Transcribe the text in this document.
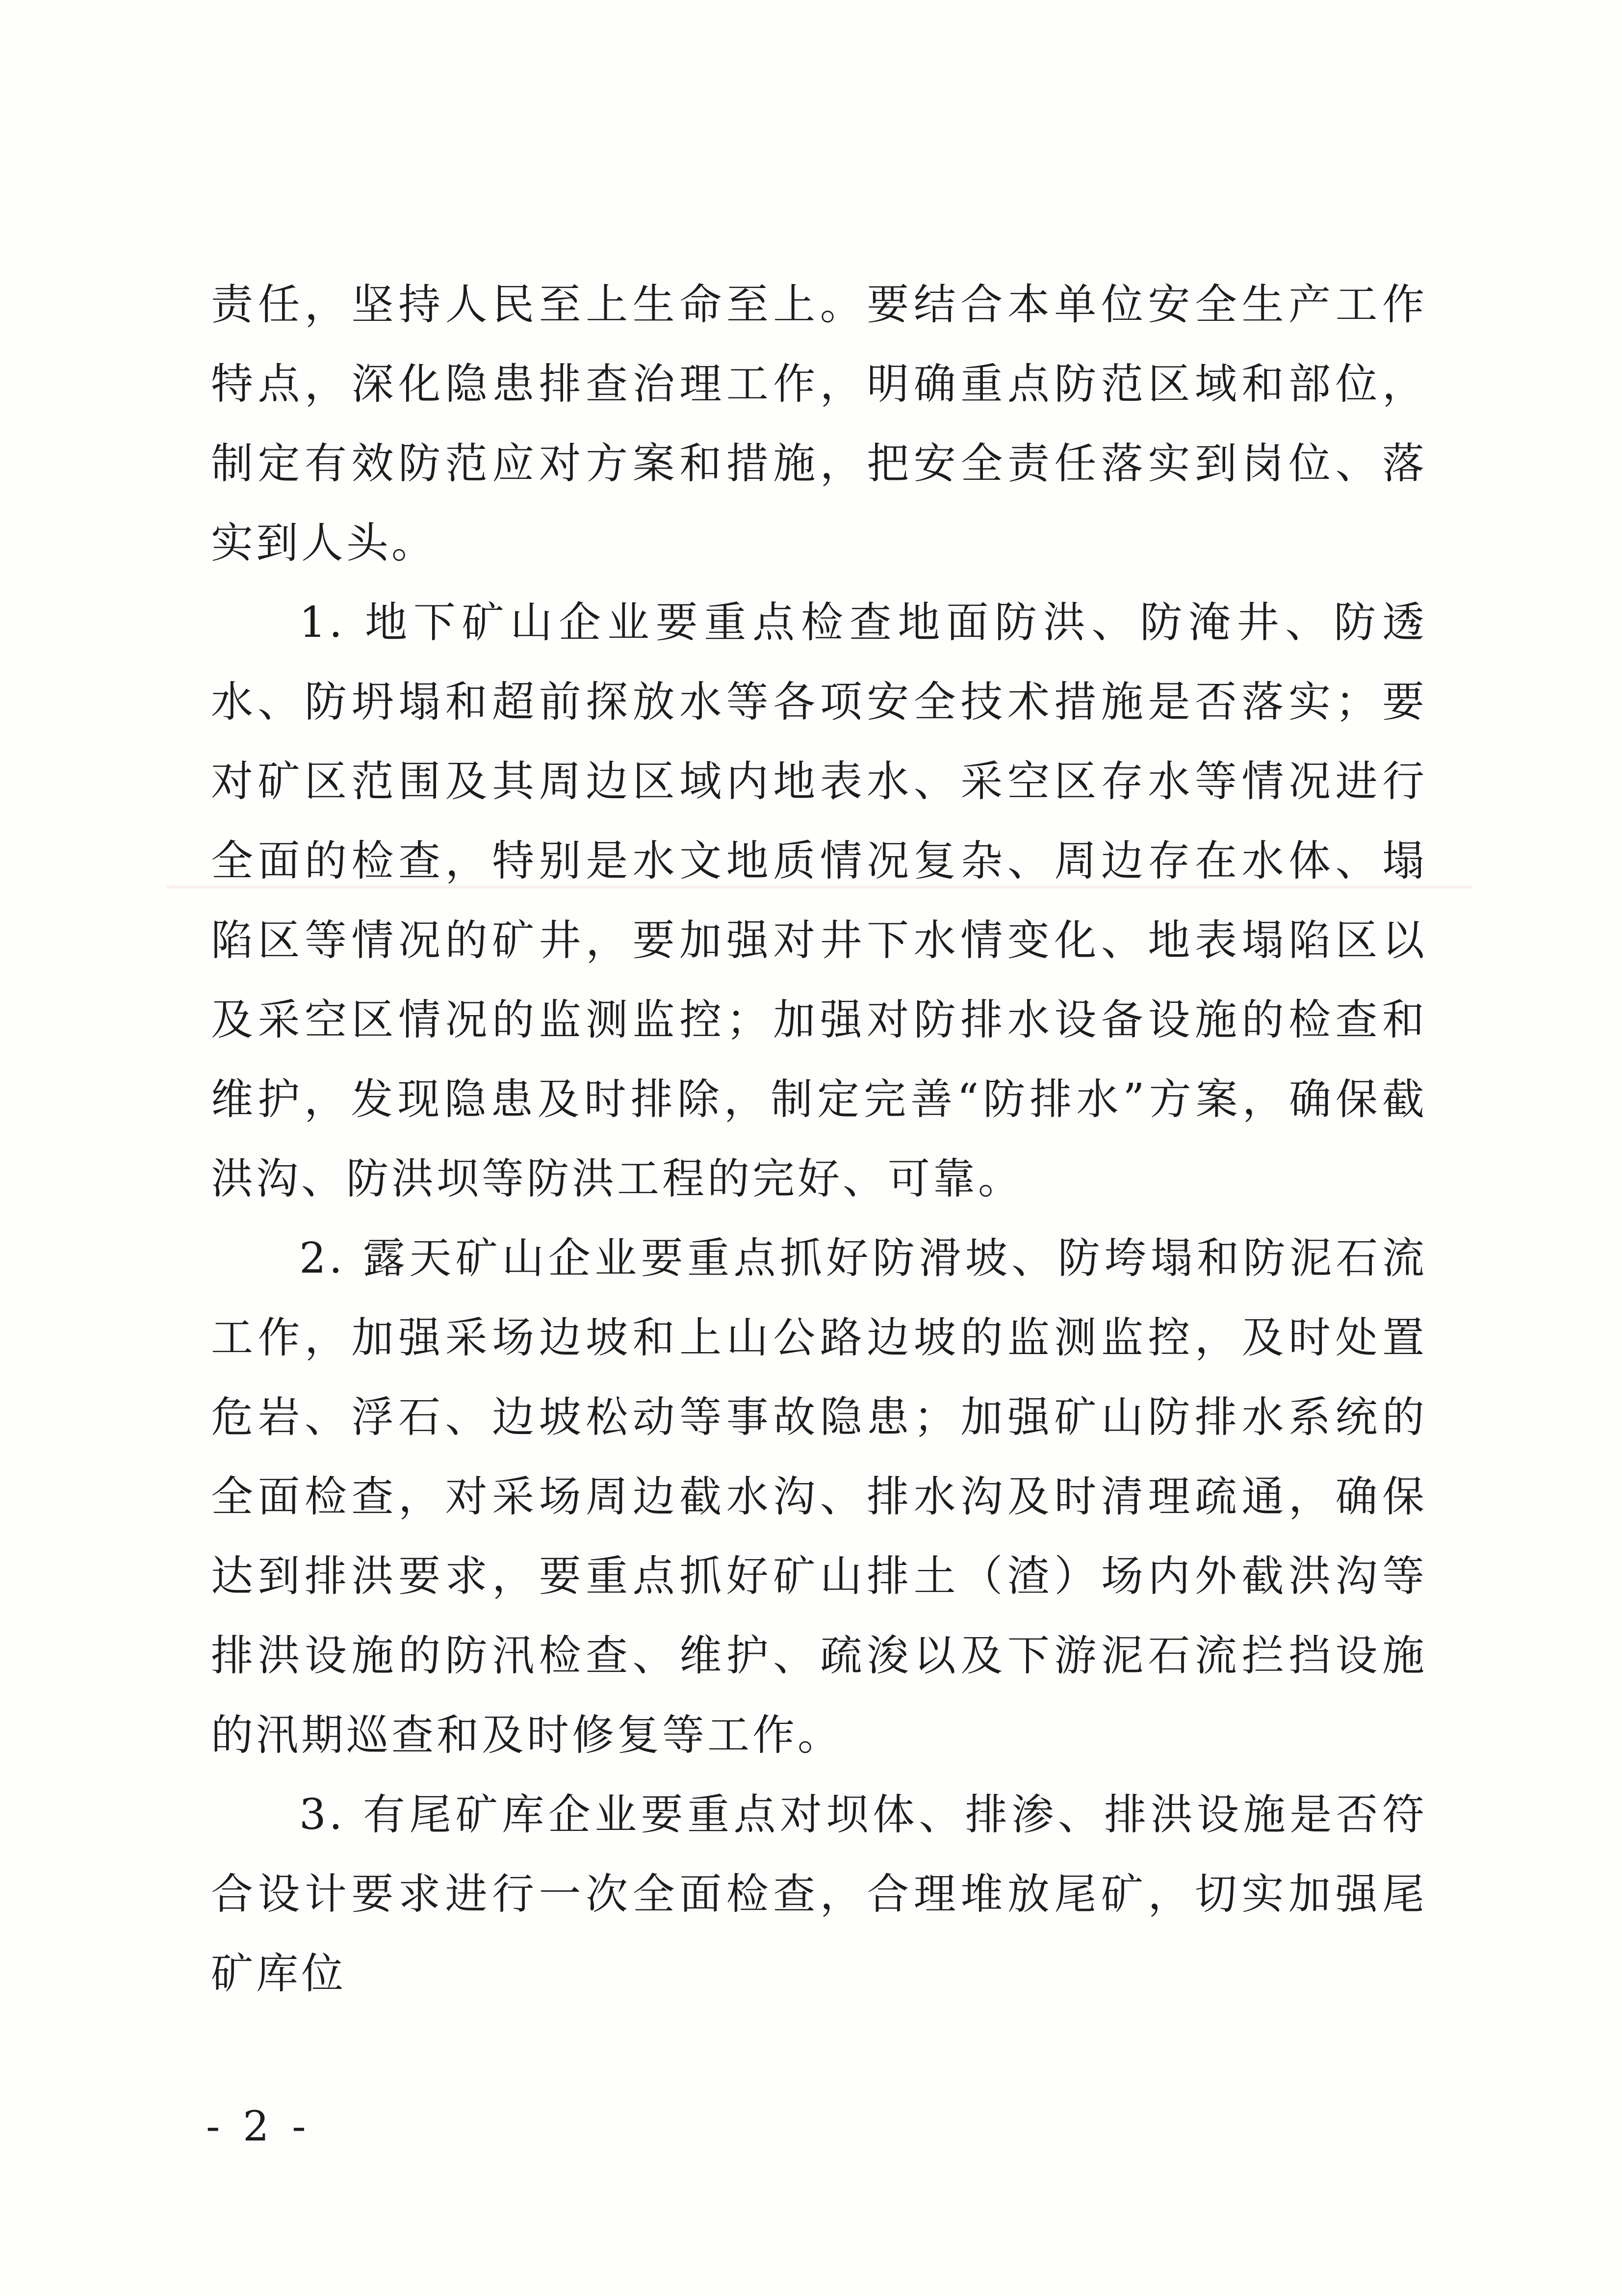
责任，坚持人民至上生命至上。要结合本单位安全生产工作特点，深化隐患排查治理工作，明确重点防范区域和部位，制定有效防范应对方案和措施，把安全责任落实到岗位、落实到人头。

1. 地下矿山企业要重点检查地面防洪、防淹井、防透水、防坍塌和超前探放水等各项安全技术措施是否落实；要对矿区范围及其周边区域内地表水、采空区存水等情况进行全面的检查，特别是水文地质情况复杂、周边存在水体、塌陷区等情况的矿井，要加强对井下水情变化、地表塌陷区以及采空区情况的监测监控；加强对防排水设备设施的检查和维护，发现隐患及时排除，制定完善“防排水”方案，确保截洪沟、防洪坝等防洪工程的完好、可靠。

2. 露天矿山企业要重点抓好防滑坡、防垮塌和防泥石流工作，加强采场边坡和上山公路边坡的监测监控，及时处置危岩、浮石、边坡松动等事故隐患；加强矿山防排水系统的全面检查，对采场周边截水沟、排水沟及时清理疏通，确保达到排洪要求，要重点抓好矿山排土（渣）场内外截洪沟等排洪设施的防汛检查、维护、疏浚以及下游泥石流拦挡设施的汛期巡查和及时修复等工作。

3. 有尾矿库企业要重点对坝体、排渗、排洪设施是否符合设计要求进行一次全面检查，合理堆放尾矿，切实加强尾矿库位

- 2 -
